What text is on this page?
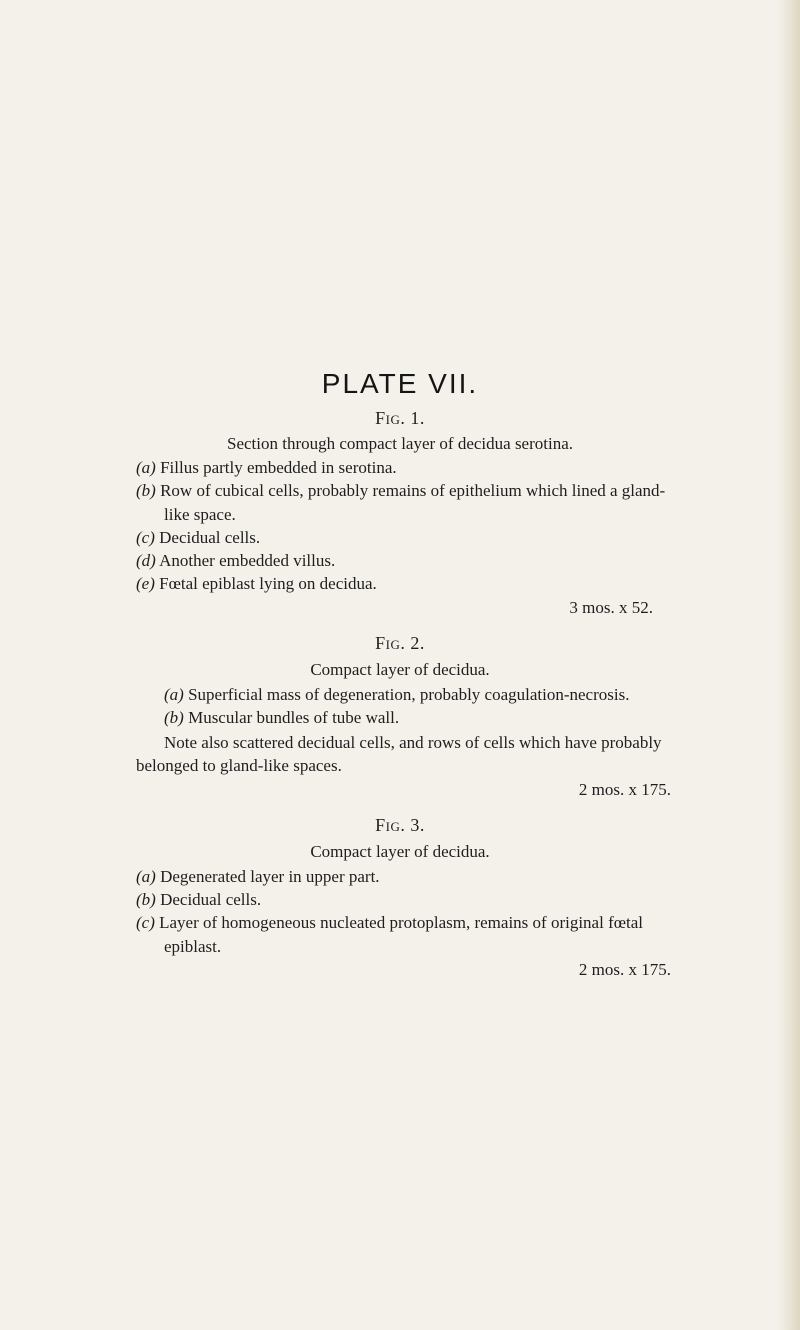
PLATE VII.
Fig. 1.
Section through compact layer of decidua serotina.
(a) Fillus partly embedded in serotina.
(b) Row of cubical cells, probably remains of epithelium which lined a gland-
like space.
(c) Decidual cells.
(d) Another embedded villus.
(e) Fœtal epiblast lying on decidua.
3 mos. x 52.
Fig. 2.
Compact layer of decidua.
(a) Superficial mass of degeneration, probably coagulation-necrosis.
(b) Muscular bundles of tube wall.
Note also scattered decidual cells, and rows of cells which have probably
belonged to gland-like spaces.
2 mos. x 175.
Fig. 3.
Compact layer of decidua.
(a) Degenerated layer in upper part.
(b) Decidual cells.
(c) Layer of homogeneous nucleated protoplasm, remains of original fœtal
epiblast.
2 mos. x 175.
